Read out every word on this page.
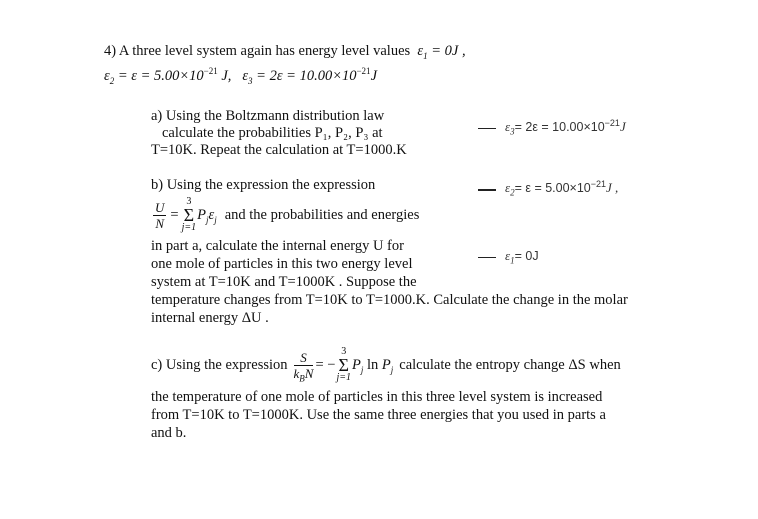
4) A three level system again has energy level values  $\varepsilon_1 = 0J$ ,
$\varepsilon_2 = \varepsilon = 5.00\times 10^{-21}$ J, $\varepsilon_3 = 2\varepsilon = 10.00\times 10^{-21}J$
a) Using the Boltzmann distribution law
calculate the probabilities P₁, P₂, P₃ at
T=10K. Repeat the calculation at T=1000.K
b) Using the expression the expression
$\frac{U}{N}$ =
3
Σ
j=1
$P_j\varepsilon_j$ and the probabilities and energies
in part a, calculate the internal energy U for
one mole of particles in this two energy level
system at T=10K and T=1000K . Suppose the
temperature changes from T=10K to T=1000.K. Calculate the change in the molar
internal energy ΔU .
c) Using the expression $\frac{S}{k_BN}$ = −
3
Σ
j=1
$P_j$ $\ln P_j$ calculate the entropy change ΔS when
the temperature of one mole of particles in this three level system is increased
from T=10K to T=1000K. Use the same three energies that you used in parts a
and b.
$\varepsilon_3= 2\varepsilon = 10.00\times 10^{-21}J$
$\varepsilon_2= \varepsilon = 5.00\times 10^{-21}J$ ,
$\varepsilon_1= 0J$
